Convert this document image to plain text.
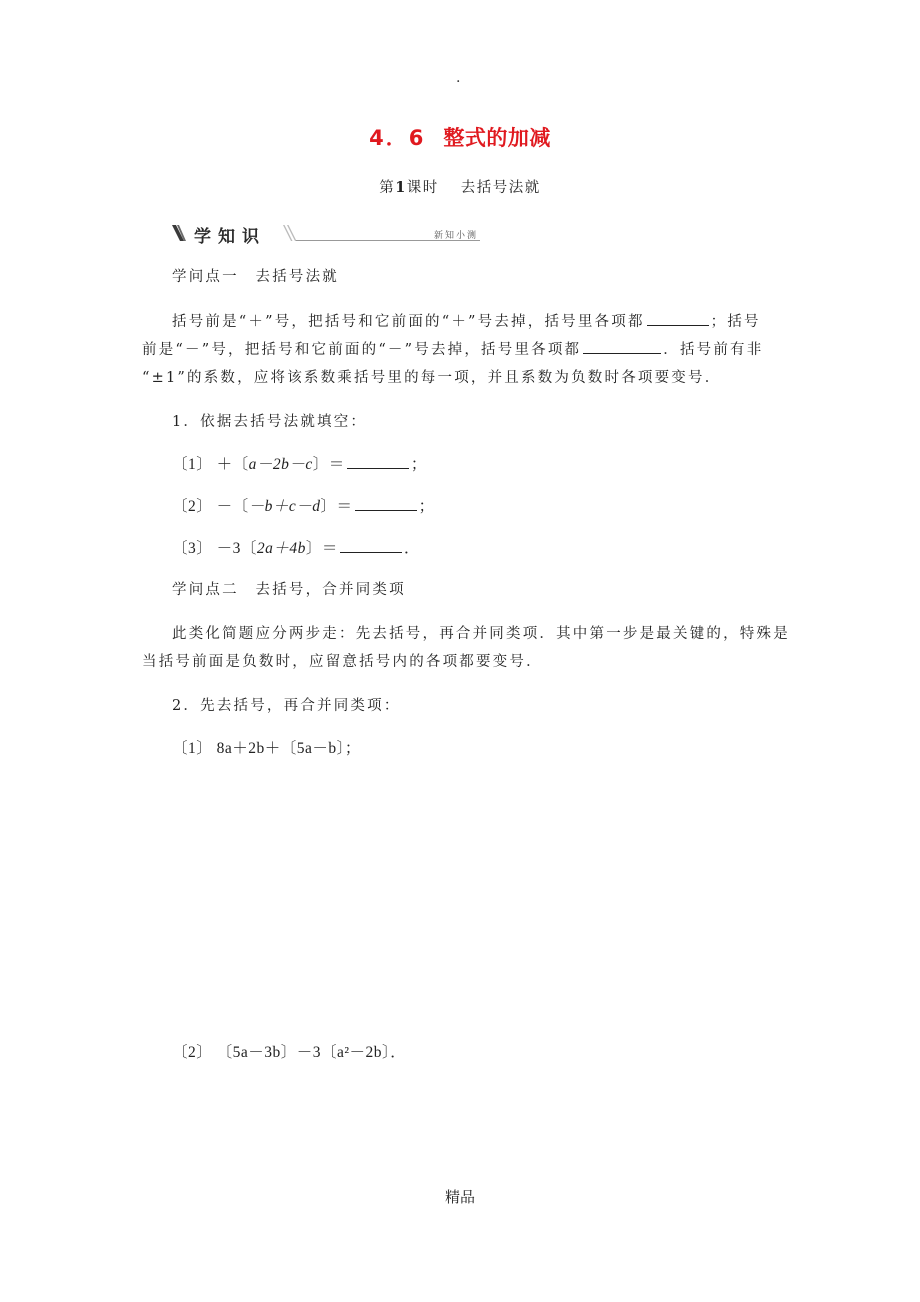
.
4．6 整式的加减
第1课时 去括号法就
学知识	新知小测
学问点一　去括号法就
括号前是“＋”号，把括号和它前面的“＋”号去掉，括号里各项都	；括号
前是“－”号，把括号和它前面的“－”号去掉，括号里各项都	．括号前有非
“±1”的系数，应将该系数乘括号里的每一项，并且系数为负数时各项要变号．
1．依据去括号法就填空：
〔1〕 ＋〔a－2b－c〕＝	；
〔2〕 －〔－b＋c－d〕＝	；
〔3〕 －3〔2a＋4b〕＝	．
学问点二　去括号，合并同类项
此类化简题应分两步走：先去括号，再合并同类项．其中第一步是最关键的，特殊是
当括号前面是负数时，应留意括号内的各项都要变号．
2．先去括号，再合并同类项：
〔1〕 8a＋2b＋〔5a－b〕；
〔2〕 〔5a－3b〕－3〔a²－2b〕．
精品
